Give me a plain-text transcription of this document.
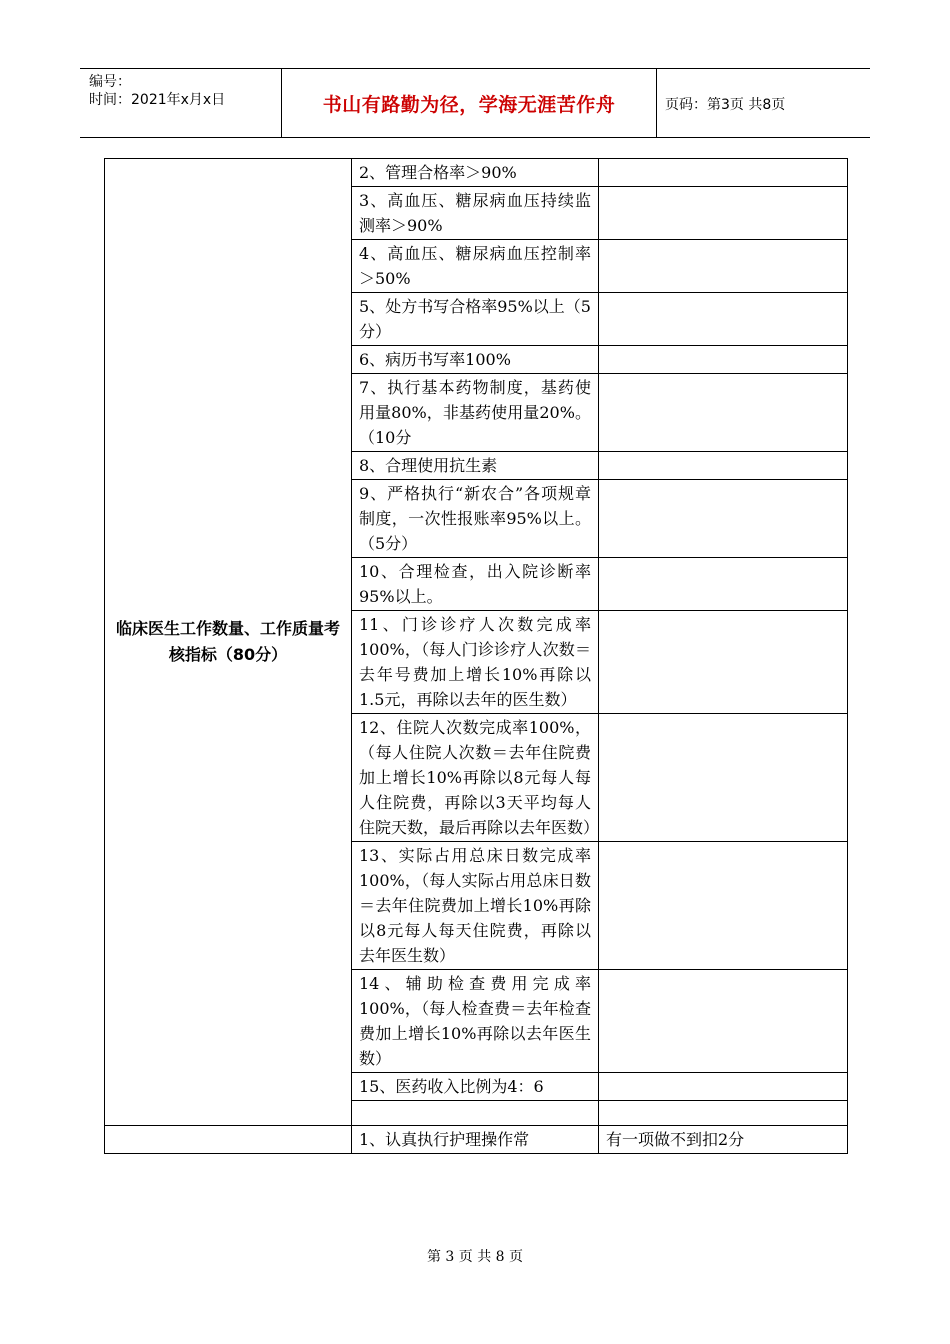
编号：
时间：2021年x月x日	书山有路勤为径，学海无涯苦作舟	页码：第3页 共8页
临床医生工作数量、工作质量考核指标（80分）	2、管理合格率＞90%	
	3、高血压、糖尿病血压持续监测率＞90%	
	4、高血压、糖尿病血压控制率＞50%	
	5、处方书写合格率95%以上（5分）	
	6、病历书写率100%	
	7、执行基本药物制度，基药使用量80%，非基药使用量20%。（10分	
	8、合理使用抗生素	
	9、严格执行“新农合”各项规章制度，一次性报账率95%以上。（5分）	
	10、合理检查，出入院诊断率95%以上。	
	11、门诊诊疗人次数完成率100%，（每人门诊诊疗人次数＝去年号费加上增长10%再除以1.5元，再除以去年的医生数）	
	12、住院人次数完成率100%，（每人住院人次数＝去年住院费加上增长10%再除以8元每人每人住院费，再除以3天平均每人住院天数，最后再除以去年医数）	
	13、实际占用总床日数完成率100%，（每人实际占用总床日数＝去年住院费加上增长10%再除以8元每人每天住院费，再除以去年医生数）	
	14、辅助检查费用完成率100%，（每人检查费＝去年检查费加上增长10%再除以去年医生数）	
	15、医药收入比例为4：6	

	1、认真执行护理操作常	有一项做不到扣2分
第 3 页 共 8 页
